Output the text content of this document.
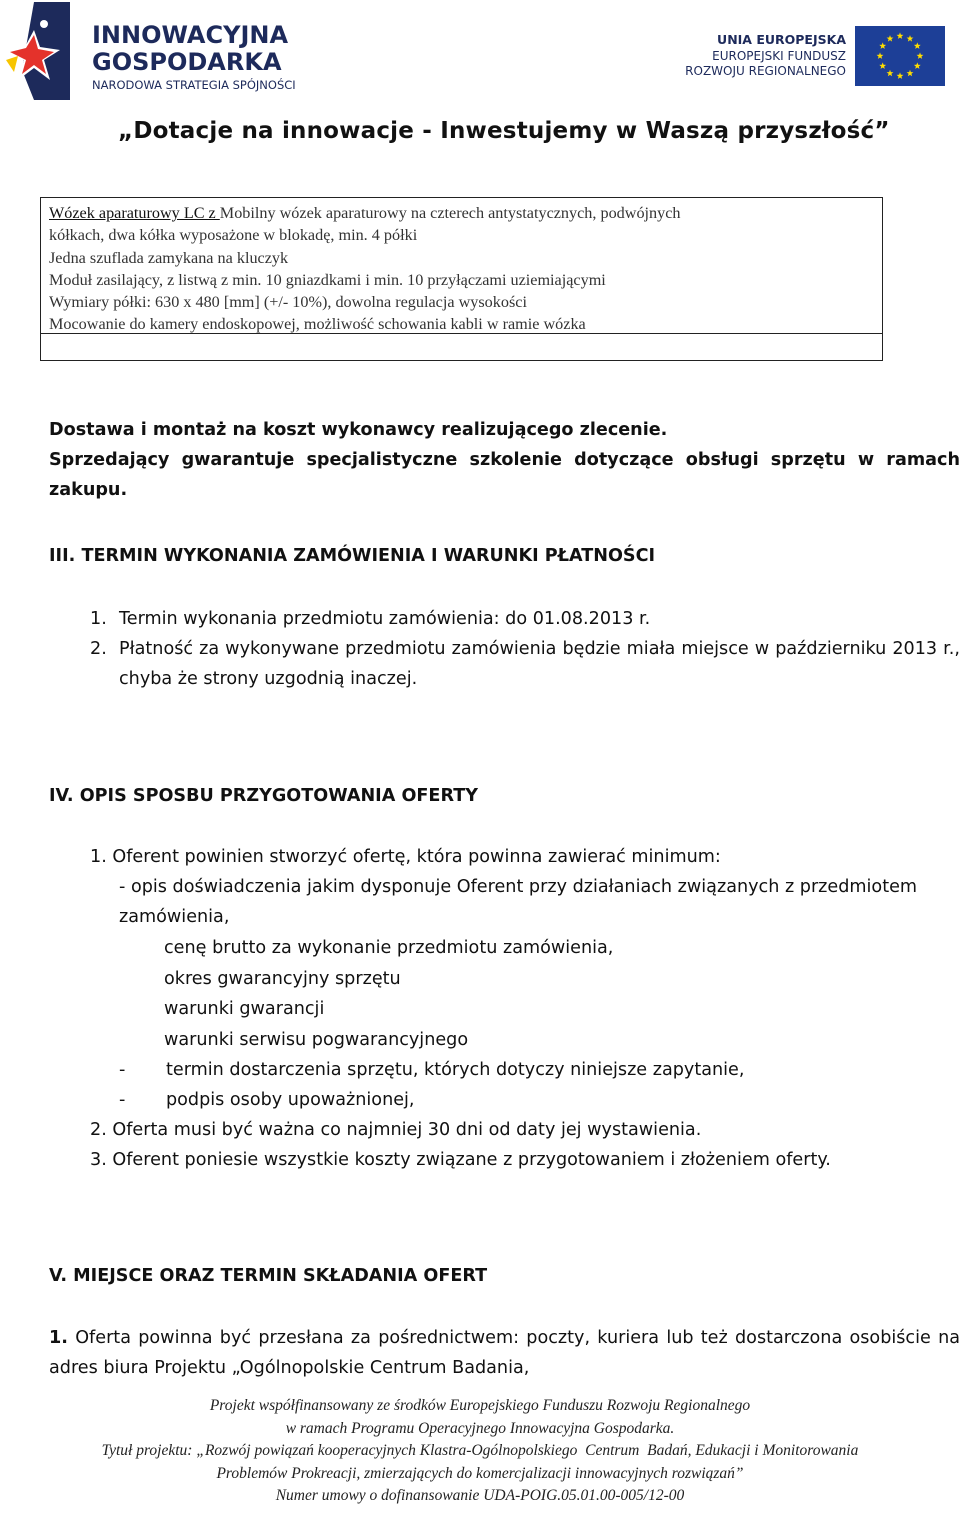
INNOWACYJNA
GOSPODARKA
NARODOWA STRATEGIA SPÓJNOŚCI
UNIA EUROPEJSKA
EUROPEJSKI FUNDUSZ
ROZWOJU REGIONALNEGO
„Dotacje na innowacje - Inwestujemy w Waszą przyszłość”
Wózek aparaturowy LC z Mobilny wózek aparaturowy na czterech antystatycznych, podwójnych
kółkach, dwa kółka wyposażone w blokadę, min. 4 półki
Jedna szuflada zamykana na kluczyk
Moduł zasilający, z listwą z min. 10 gniazdkami i min. 10 przyłączami uziemiającymi
Wymiary półki: 630 x 480 [mm] (+/- 10%), dowolna regulacja wysokości
Mocowanie do kamery endoskopowej, możliwość schowania kabli w ramie wózka
Dostawa i montaż na koszt wykonawcy realizującego zlecenie.
Sprzedający gwarantuje specjalistyczne szkolenie dotyczące obsługi sprzętu w ramach zakupu.
III. TERMIN WYKONANIA ZAMÓWIENIA I WARUNKI PŁATNOŚCI
1. Termin wykonania przedmiotu zamówienia: do 01.08.2013 r.
2. Płatność za wykonywane przedmiotu zamówienia będzie miała miejsce w październiku 2013 r., chyba że strony uzgodnią inaczej.
IV. OPIS SPOSBU PRZYGOTOWANIA OFERTY
1. Oferent powinien stworzyć ofertę, która powinna zawierać minimum:
- opis doświadczenia jakim dysponuje Oferent przy działaniach związanych z przedmiotem zamówienia,
cenę brutto za wykonanie przedmiotu zamówienia,
okres gwarancyjny sprzętu
warunki gwarancji
warunki serwisu pogwarancyjnego
- termin dostarczenia sprzętu, których dotyczy niniejsze zapytanie,
- podpis osoby upoważnionej,
2. Oferta musi być ważna co najmniej 30 dni od daty jej wystawienia.
3. Oferent poniesie wszystkie koszty związane z przygotowaniem i złożeniem oferty.
V. MIEJSCE ORAZ TERMIN SKŁADANIA OFERT
1. Oferta powinna być przesłana za pośrednictwem: poczty, kuriera lub też dostarczona osobiście na adres biura Projektu „Ogólnopolskie Centrum Badania,
Projekt współfinansowany ze środków Europejskiego Funduszu Rozwoju Regionalnego
w ramach Programu Operacyjnego Innowacyjna Gospodarka.
Tytuł projektu: „Rozwój powiązań kooperacyjnych Klastra-Ogólnopolskiego  Centrum  Badań, Edukacji i Monitorowania
Problemów Prokreacji, zmierzających do komercjalizacji innowacyjnych rozwiązań”
Numer umowy o dofinansowanie UDA-POIG.05.01.00-005/12-00
